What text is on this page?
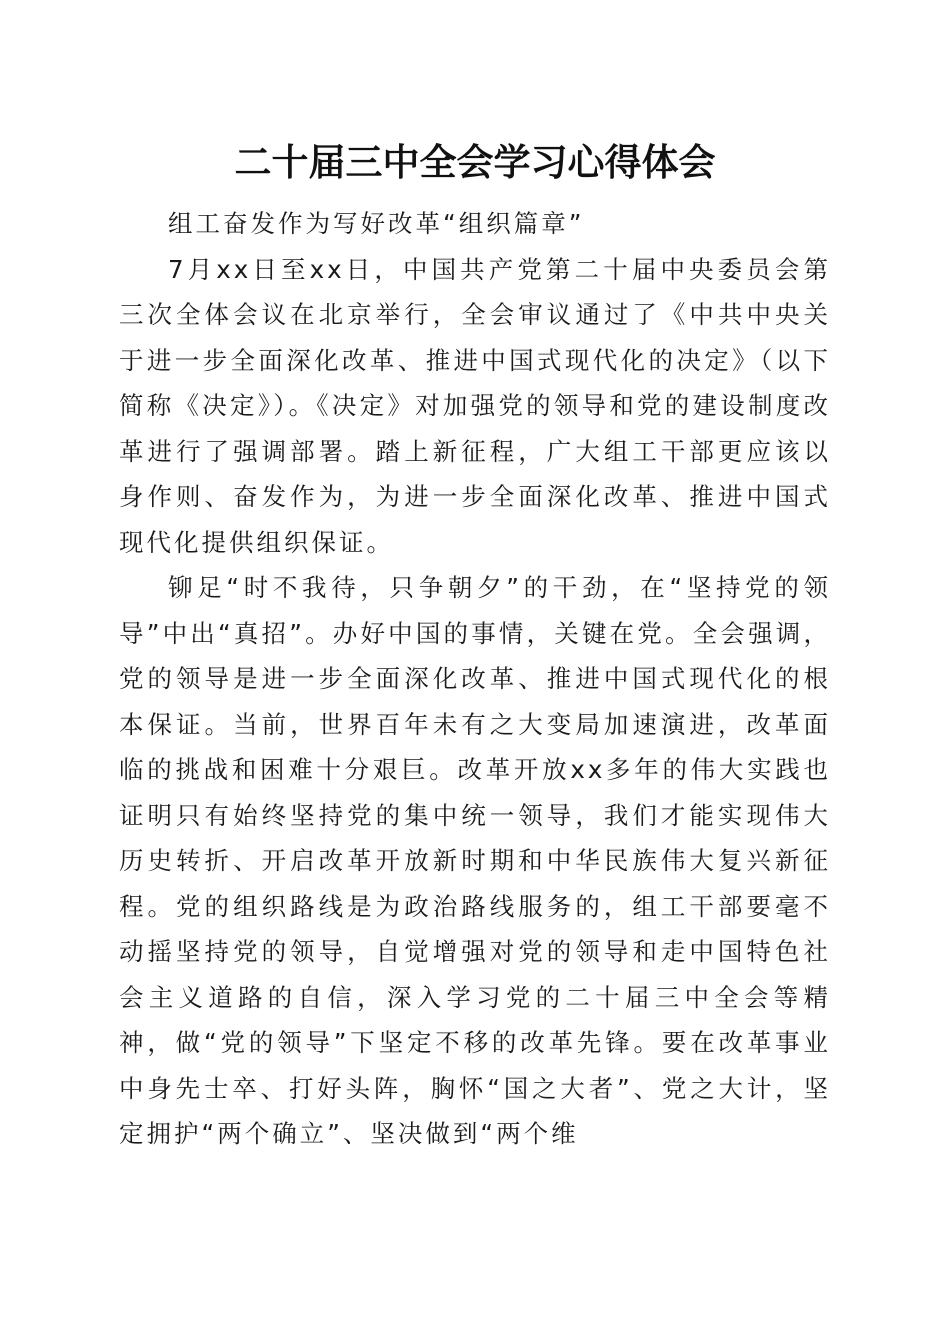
二十届三中全会学习心得体会

组工奋发作为写好改革“组织篇章”

7月xx日至xx日，中国共产党第二十届中央委员会第三次全体会议在北京举行，全会审议通过了《中共中央关于进一步全面深化改革、推进中国式现代化的决定》（以下简称《决定》）。《决定》对加强党的领导和党的建设制度改革进行了强调部署。踏上新征程，广大组工干部更应该以身作则、奋发作为，为进一步全面深化改革、推进中国式现代化提供组织保证。

铆足“时不我待，只争朝夕”的干劲，在“坚持党的领导”中出“真招”。办好中国的事情，关键在党。全会强调，党的领导是进一步全面深化改革、推进中国式现代化的根本保证。当前，世界百年未有之大变局加速演进，改革面临的挑战和困难十分艰巨。改革开放xx多年的伟大实践也证明只有始终坚持党的集中统一领导，我们才能实现伟大历史转折、开启改革开放新时期和中华民族伟大复兴新征程。党的组织路线是为政治路线服务的，组工干部要毫不动摇坚持党的领导，自觉增强对党的领导和走中国特色社会主义道路的自信，深入学习党的二十届三中全会等精神，做“党的领导”下坚定不移的改革先锋。要在改革事业中身先士卒、打好头阵，胸怀“国之大者”、党之大计，坚定拥护“两个确立”、坚决做到“两个维
